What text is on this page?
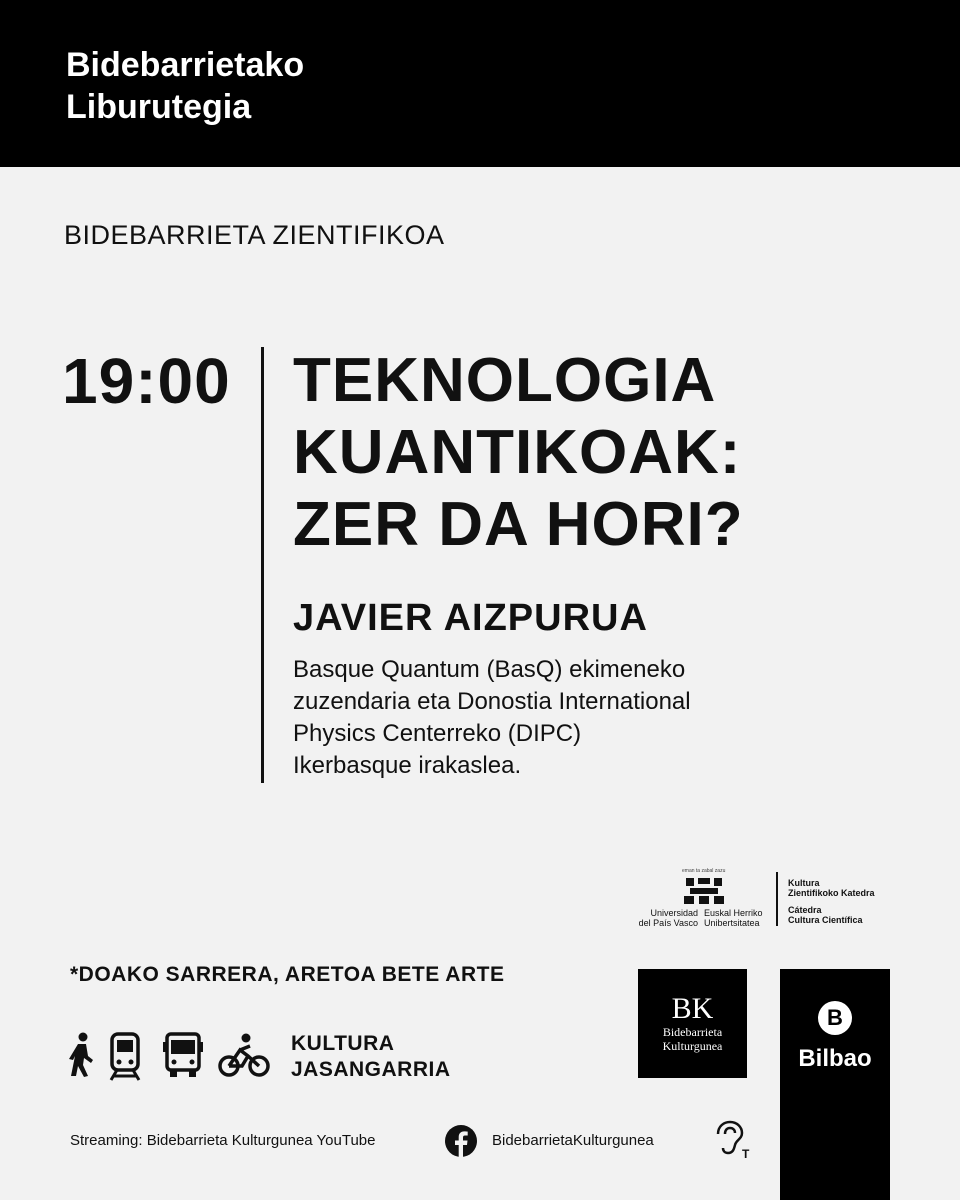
Bidebarrietako
Liburutegia
BIDEBARRIETA ZIENTIFIKOA
19:00 TEKNOLOGIA
KUANTIKOAK:
ZER DA HORI?
JAVIER AIZPURUA
Basque Quantum (BasQ) ekimeneko
zuzendaria eta Donostia International
Physics Centerreko (DIPC)
Ikerbasque irakaslea.
eman ta zabal zazu
Universidad
del País Vasco
Euskal Herriko
Unibertsitatea
Kultura
Zientifikoko Katedra
Cátedra
Cultura Científica
*DOAKO SARRERA, ARETOA BETE ARTE
KULTURA
JASANGARRIA
BK
Bidebarrieta
Kulturgunea
B
Bilbao
Streaming: Bidebarrieta Kulturgunea YouTube	BidebarrietaKulturgunea
T
